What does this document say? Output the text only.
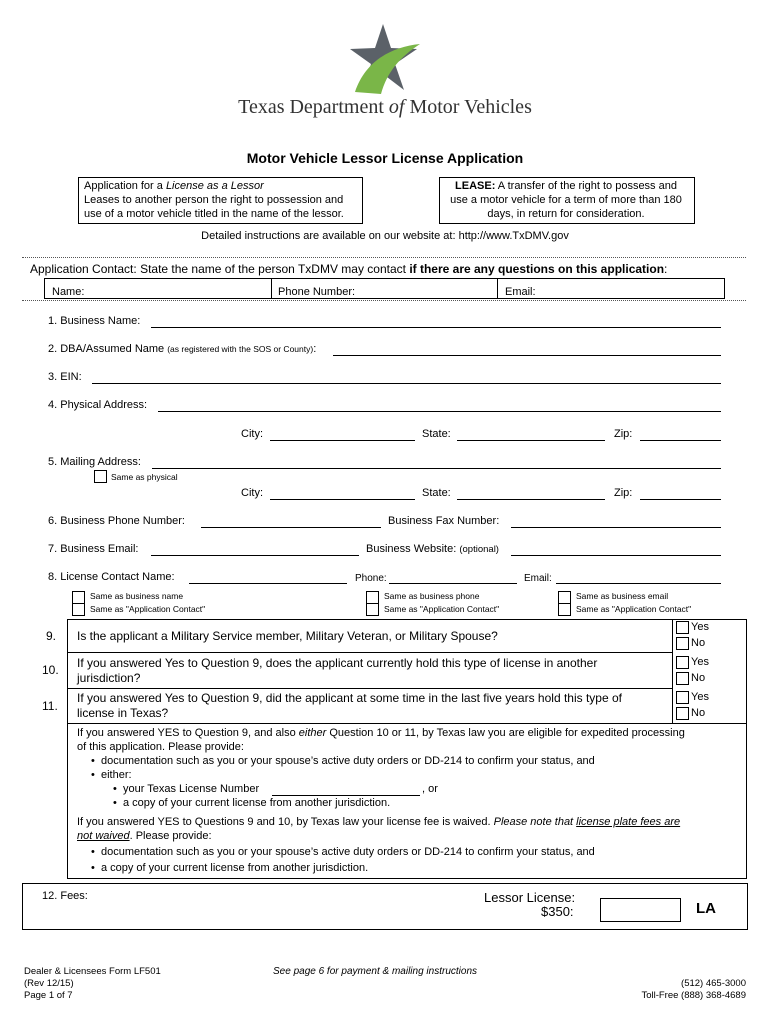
Texas Department of Motor Vehicles
Motor Vehicle Lessor License Application
Application for a License as a Lessor
Leases to another person the right to possession and
use of a motor vehicle titled in the name of the lessor.
LEASE: A transfer of the right to possess and
use a motor vehicle for a term of more than 180
days, in return for consideration.
Detailed instructions are available on our website at: http://www.TxDMV.gov
Application Contact: State the name of the person TxDMV may contact if there are any questions on this application:
Name:	Phone Number:	Email:
1. Business Name:
2. DBA/Assumed Name (as registered with the SOS or County):
3. EIN:
4. Physical Address:
City:	State:	Zip:
5. Mailing Address:
Same as physical
City:	State:	Zip:
6. Business Phone Number:	Business Fax Number:
7. Business Email:	Business Website: (optional)
8. License Contact Name:	Phone:	Email:
Same as business name
Same as "Application Contact"
Same as business phone
Same as "Application Contact"
Same as business email
Same as "Application Contact"
9. Is the applicant a Military Service member, Military Veteran, or Military Spouse?
Yes
No
10. If you answered Yes to Question 9, does the applicant currently hold this type of license in another
jurisdiction?
Yes
No
11.
If you answered Yes to Question 9, did the applicant at some time in the last five years hold this type of
license in Texas?
Yes
No
If you answered YES to Question 9, and also either Question 10 or 11, by Texas law you are eligible for expedited processing
of this application. Please provide:
•  documentation such as you or your spouse’s active duty orders or DD-214 to confirm your status, and
•  either:
•  your Texas License Number	, or
•  a copy of your current license from another jurisdiction.
If you answered YES to Questions 9 and 10, by Texas law your license fee is waived. Please note that license plate fees are
not waived. Please provide:
•  documentation such as you or your spouse’s active duty orders or DD-214 to confirm your status, and
•  a copy of your current license from another jurisdiction.
12. Fees:	Lessor License:
$350:	LA
Dealer & Licensees Form LF501
(Rev 12/15)
Page 1 of 7
See page 6 for payment & mailing instructions
(512) 465-3000
Toll-Free (888) 368-4689
